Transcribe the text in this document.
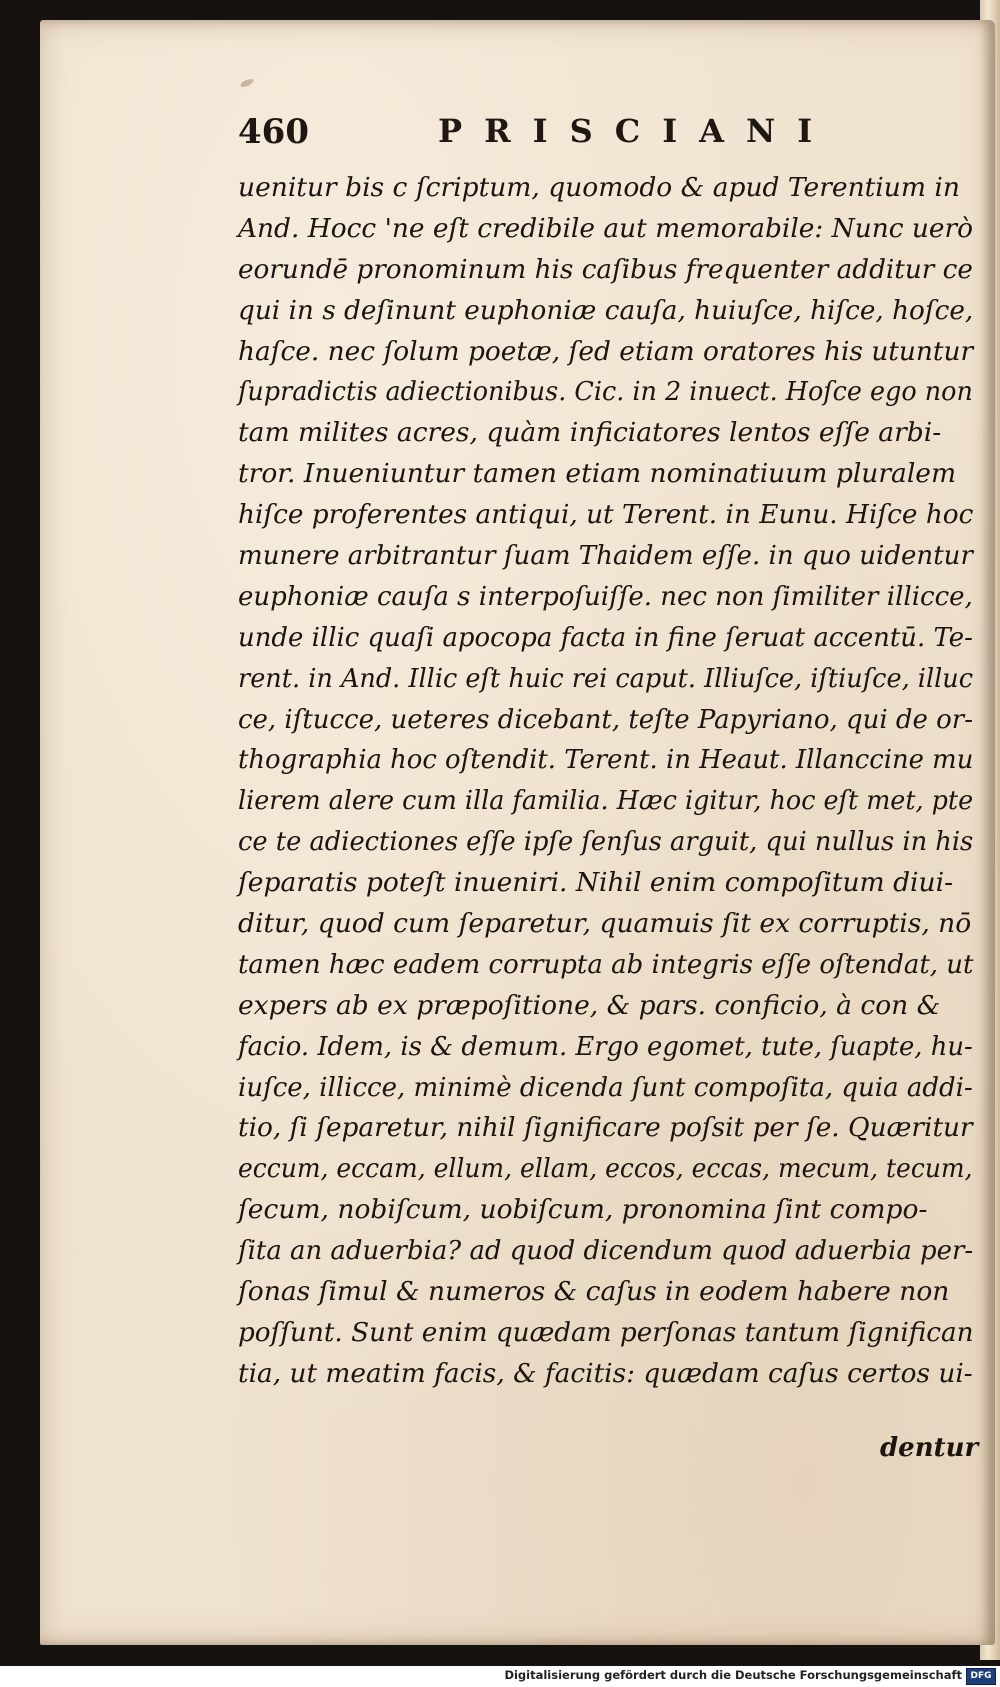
460	PRISCIANI
uenitur bis c ſcriptum, quomodo & apud Terentium in
And. Hocc 'ne eſt credibile aut memorabile: Nunc uerò
eorundē pronominum his caſibus frequenter additur ce
qui in s deſinunt euphoniæ cauſa, huiuſce, hiſce, hoſce,
haſce. nec ſolum poetæ, ſed etiam oratores his utuntur
ſupradictis adiectionibus. Cic. in 2 inuect. Hoſce ego non
tam milites acres, quàm inficiatores lentos eſſe arbi-
tror. Inueniuntur tamen etiam nominatiuum pluralem
hiſce proferentes antiqui, ut Terent. in Eunu. Hiſce hoc
munere arbitrantur ſuam Thaidem eſſe. in quo uidentur
euphoniæ cauſa s interpoſuiſſe. nec non ſimiliter illicce,
unde illic quaſi apocopa facta in fine ſeruat accentū. Te-
rent. in And. Illic eſt huic rei caput. Illiuſce, iſtiuſce, illuc
ce, iſtucce, ueteres dicebant, teſte Papyriano, qui de or-
thographia hoc oſtendit. Terent. in Heaut. Illanccine mu
lierem alere cum illa familia. Hæc igitur, hoc eſt met, pte
ce te adiectiones eſſe ipſe ſenſus arguit, qui nullus in his
ſeparatis poteſt inueniri. Nihil enim compoſitum diui-
ditur, quod cum ſeparetur, quamuis ſit ex corruptis, nō
tamen hæc eadem corrupta ab integris eſſe oſtendat, ut
expers ab ex præpoſitione, & pars. conficio, à con &
facio. Idem, is & demum. Ergo egomet, tute, ſuapte, hu-
iuſce, illicce, minimè dicenda ſunt compoſita, quia addi-
tio, ſi ſeparetur, nihil ſignificare poſsit per ſe. Quæritur
eccum, eccam, ellum, ellam, eccos, eccas, mecum, tecum,
ſecum, nobiſcum, uobiſcum, pronomina ſint compo-
ſita an aduerbia? ad quod dicendum quod aduerbia per-
ſonas ſimul & numeros & caſus in eodem habere non
poſſunt. Sunt enim quædam perſonas tantum ſignifican
tia, ut meatim facis, & facitis: quædam caſus certos ui-
dentur
Digitalisierung gefördert durch die Deutsche Forschungsgemeinschaft DFG
